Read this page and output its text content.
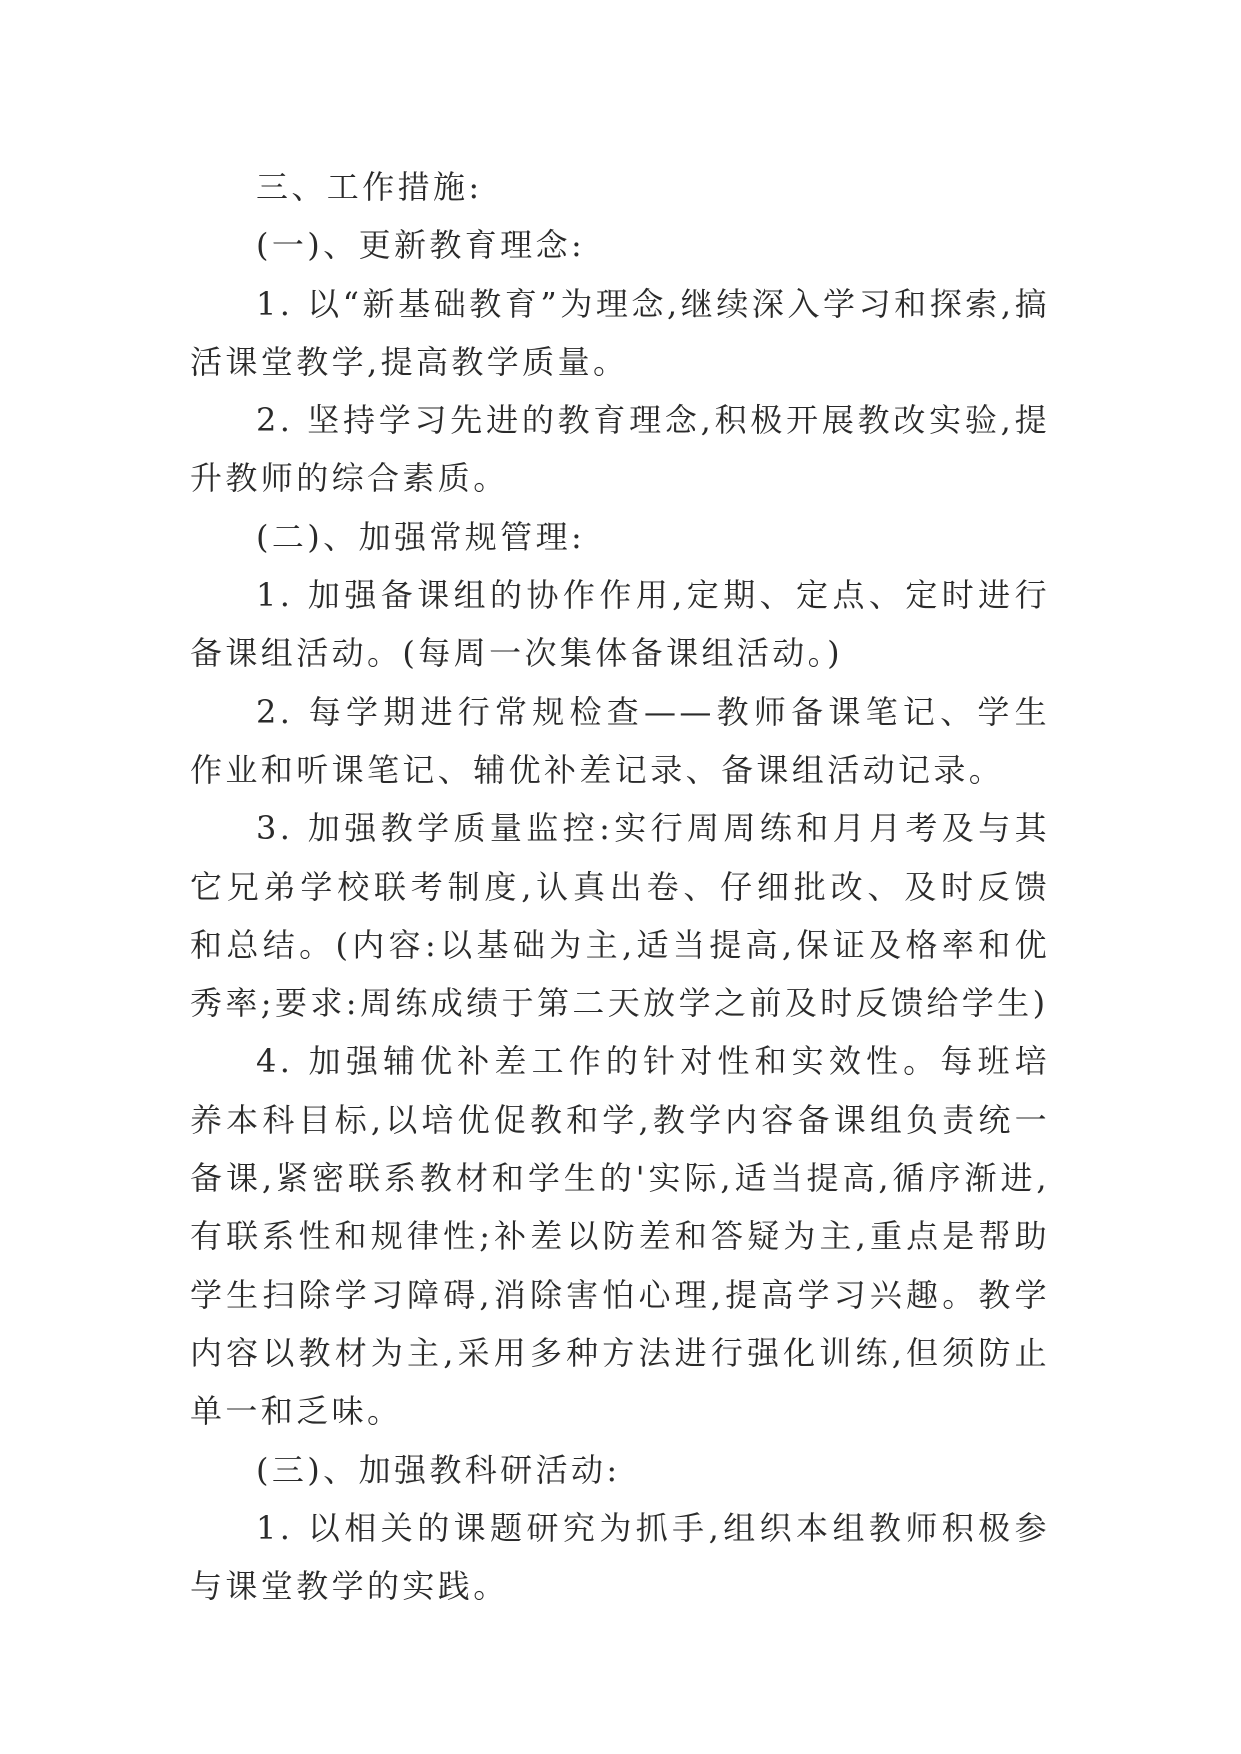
三、工作措施:

(一)、更新教育理念:

1. 以“新基础教育”为理念,继续深入学习和探索,搞活课堂教学,提高教学质量。

2. 坚持学习先进的教育理念,积极开展教改实验,提升教师的综合素质。

(二)、加强常规管理:

1. 加强备课组的协作作用,定期、定点、定时进行备课组活动。(每周一次集体备课组活动。)

2. 每学期进行常规检查——教师备课笔记、学生作业和听课笔记、辅优补差记录、备课组活动记录。

3. 加强教学质量监控:实行周周练和月月考及与其它兄弟学校联考制度,认真出卷、仔细批改、及时反馈和总结。(内容:以基础为主,适当提高,保证及格率和优秀率;要求:周练成绩于第二天放学之前及时反馈给学生)

4. 加强辅优补差工作的针对性和实效性。每班培养本科目标,以培优促教和学,教学内容备课组负责统一备课,紧密联系教材和学生的'实际,适当提高,循序渐进,有联系性和规律性;补差以防差和答疑为主,重点是帮助学生扫除学习障碍,消除害怕心理,提高学习兴趣。教学内容以教材为主,采用多种方法进行强化训练,但须防止单一和乏味。

(三)、加强教科研活动:

1. 以相关的课题研究为抓手,组织本组教师积极参与课堂教学的实践。
